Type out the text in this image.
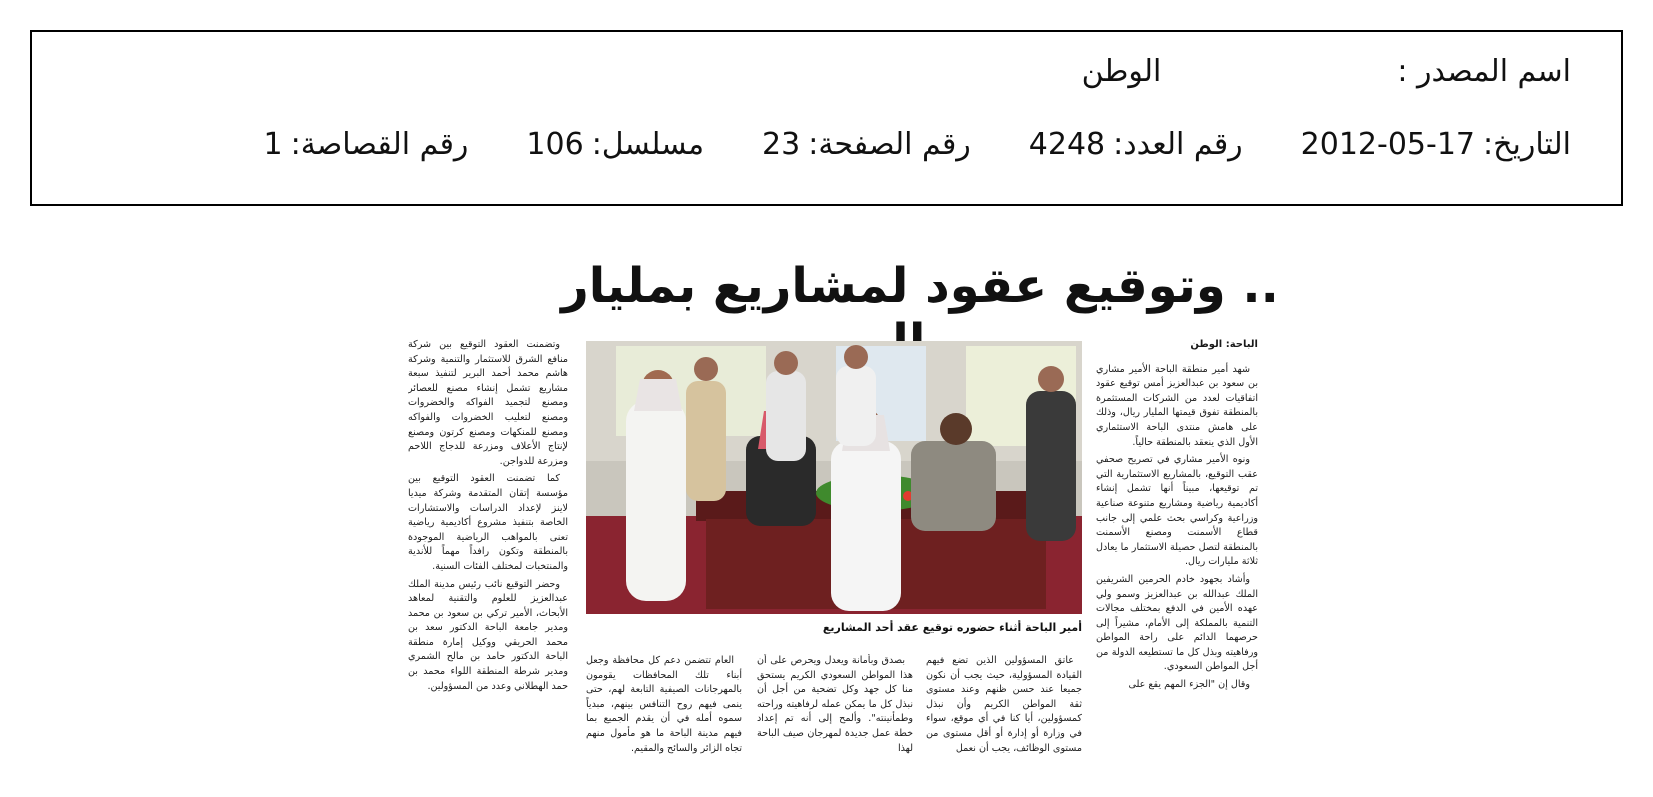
اسم المصدر :
الوطن
التاريخ:
2012-05-17
رقم العدد:
4248
رقم الصفحة:
23
مسلسل:
106
رقم القصاصة:
1
.. وتوقيع عقود لمشاريع بمليار

الباحة: الوطن

شهد أمير منطقة الباحة الأمير مشاري بن سعود بن عبدالعزيز أمس توقيع عقود اتفاقيات لعدد من الشركات المستثمرة بالمنطقة تفوق قيمتها المليار ريال، وذلك على هامش منتدى الباحة الاستثماري الأول الذي ينعقد بالمنطقة حالياً.

ونوه الأمير مشاري في تصريح صحفي عقب التوقيع، بالمشاريع الاستثمارية التي تم توقيعها، مبيناً أنها تشمل إنشاء أكاديمية رياضية ومشاريع متنوعة صناعية وزراعية وكراسي بحث علمي إلى جانب قطاع الأسمنت ومصنع الأسمنت بالمنطقة لتصل حصيلة الاستثمار ما يعادل ثلاثة مليارات ريال.

وأشاد بجهود خادم الحرمين الشريفين الملك عبدالله بن عبدالعزيز وسمو ولي عهده الأمين في الدفع بمختلف مجالات التنمية بالمملكة إلى الأمام، مشيراً إلى حرصهما الدائم على راحة المواطن ورفاهيته وبذل كل ما تستطيعه الدولة من أجل المواطن السعودي.

وقال إن "الجزء المهم يقع على

أمير الباحة أثناء حضوره توقيع عقد أحد المشاريع

وتضمنت العقود التوقيع بين شركة منافع الشرق للاستثمار والتنمية وشركة هاشم محمد أحمد البرير لتنفيذ سبعة مشاريع تشمل إنشاء مصنع للعصائر ومصنع لتجميد الفواكه والخضروات ومصنع لتعليب الخضروات والفواكه ومصنع للمنكهات ومصنع كرتون ومصنع لإنتاج الأعلاف ومزرعة للدجاج اللاحم ومزرعة للدواجن.

كما تضمنت العقود التوقيع بين مؤسسة إتقان المتقدمة وشركة ميديا لاينز لإعداد الدراسات والاستشارات الخاصة بتنفيذ مشروع أكاديمية رياضية تعنى بالمواهب الرياضية الموجودة بالمنطقة وتكون رافداً مهماً للأندية والمنتخبات لمختلف الفئات السنية.

وحضر التوقيع نائب رئيس مدينة الملك عبدالعزيز للعلوم والتقنية لمعاهد الأبحاث، الأمير تركي بن سعود بن محمد ومدير جامعة الباحة الدكتور سعد بن محمد الحريقي ووكيل إمارة منطقة الباحة الدكتور حامد بن مالح الشمري ومدير شرطة المنطقة اللواء محمد بن حمد الهطلاني وعدد من المسؤولين.

عاتق المسؤولين الذين تضع فيهم القيادة المسؤولية، حيث يجب أن نكون جميعا عند حسن ظنهم وعند مستوى ثقة المواطن الكريم وأن نبذل كمسؤولين، أيا كنا في أي موقع، سواء في وزارة أو إدارة أو أقل مستوى من مستوى الوظائف، يجب أن نعمل

بصدق وبأمانة ويعدل ويحرص على أن هذا المواطن السعودي الكريم يستحق منا كل جهد وكل تضحية من أجل أن نبذل كل ما يمكن عمله لرفاهيته وراحته وطمأنينته". وألمح إلى أنه تم إعداد خطة عمل جديدة لمهرجان صيف الباحة لهذا

العام تتضمن دعم كل محافظة وجعل أبناء تلك المحافظات يقومون بالمهرجانات الصيفية التابعة لهم، حتى ينمى فيهم روح التنافس بينهم، مبدياً سموه أمله في أن يقدم الجميع بما فيهم مدينة الباحة ما هو مأمول منهم تجاه الزائر والسائح والمقيم.
